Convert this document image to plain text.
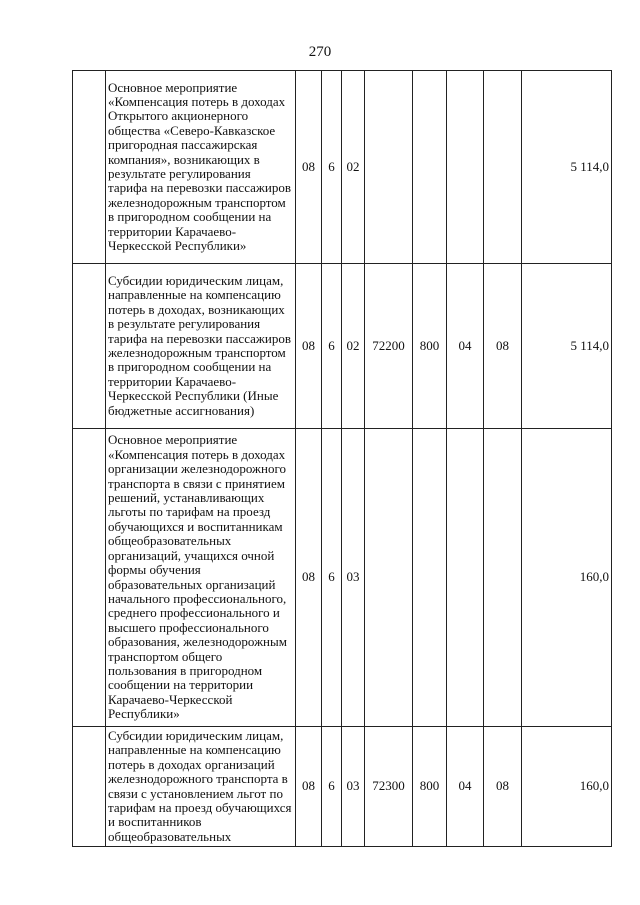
270
	Основное мероприятие «Компенсация потерь в доходах Открытого акционерного общества «Северо-Кавказское пригородная пассажирская компания», возникающих в результате регулирования тарифа на перевозки пассажиров железнодорожным транспортом в пригородном сообщении на территории Карачаево-Черкесской Республики»	08	6	02					5 114,0
	Субсидии юридическим лицам, направленные на компенсацию потерь в доходах, возникающих в результате регулирования тарифа на перевозки пассажиров железнодорожным транспортом в пригородном сообщении на территории Карачаево-Черкесской Республики (Иные бюджетные ассигнования)	08	6	02	72200	800	04	08	5 114,0
	Основное мероприятие «Компенсация потерь в доходах организации железнодорожного транспорта в связи с принятием решений, устанавливающих льготы по тарифам на проезд обучающихся и воспитанникам общеобразовательных организаций, учащихся очной формы обучения образовательных организаций начального профессионального, среднего профессионального и высшего профессионального образования, железнодорожным транспортом общего пользования в пригородном сообщении на территории Карачаево-Черкесской Республики»	08	6	03					160,0
	Субсидии юридическим лицам, направленные на компенсацию потерь в доходах организаций железнодорожного транспорта в связи с установлением льгот по тарифам на проезд обучающихся и воспитанников общеобразовательных	08	6	03	72300	800	04	08	160,0
